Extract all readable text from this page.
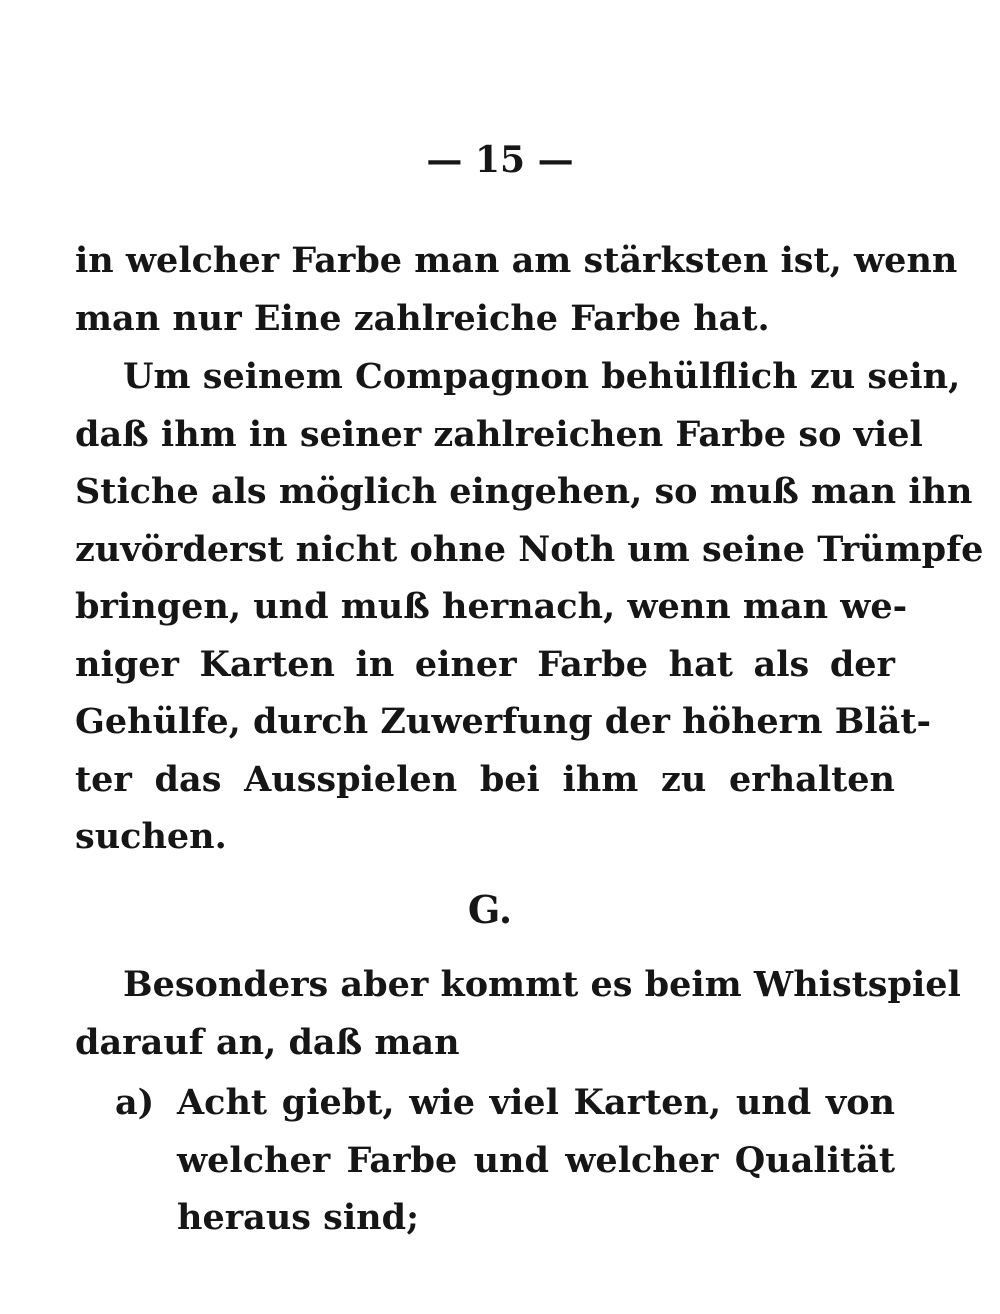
— 15 —
in welcher Farbe man am stärksten ist, wenn
man nur Eine zahlreiche Farbe hat.
Um seinem Compagnon behülflich zu sein,
daß ihm in seiner zahlreichen Farbe so viel
Stiche als möglich eingehen, so muß man ihn
zuvörderst nicht ohne Noth um seine Trümpfe
bringen, und muß hernach, wenn man we-
niger Karten in einer Farbe hat als der
Gehülfe, durch Zuwerfung der höhern Blät-
ter das Ausspielen bei ihm zu erhalten
suchen.
G.
Besonders aber kommt es beim Whistspiel
darauf an, daß man
a) Acht giebt, wie viel Karten, und von
welcher Farbe und welcher Qualität
heraus sind;
